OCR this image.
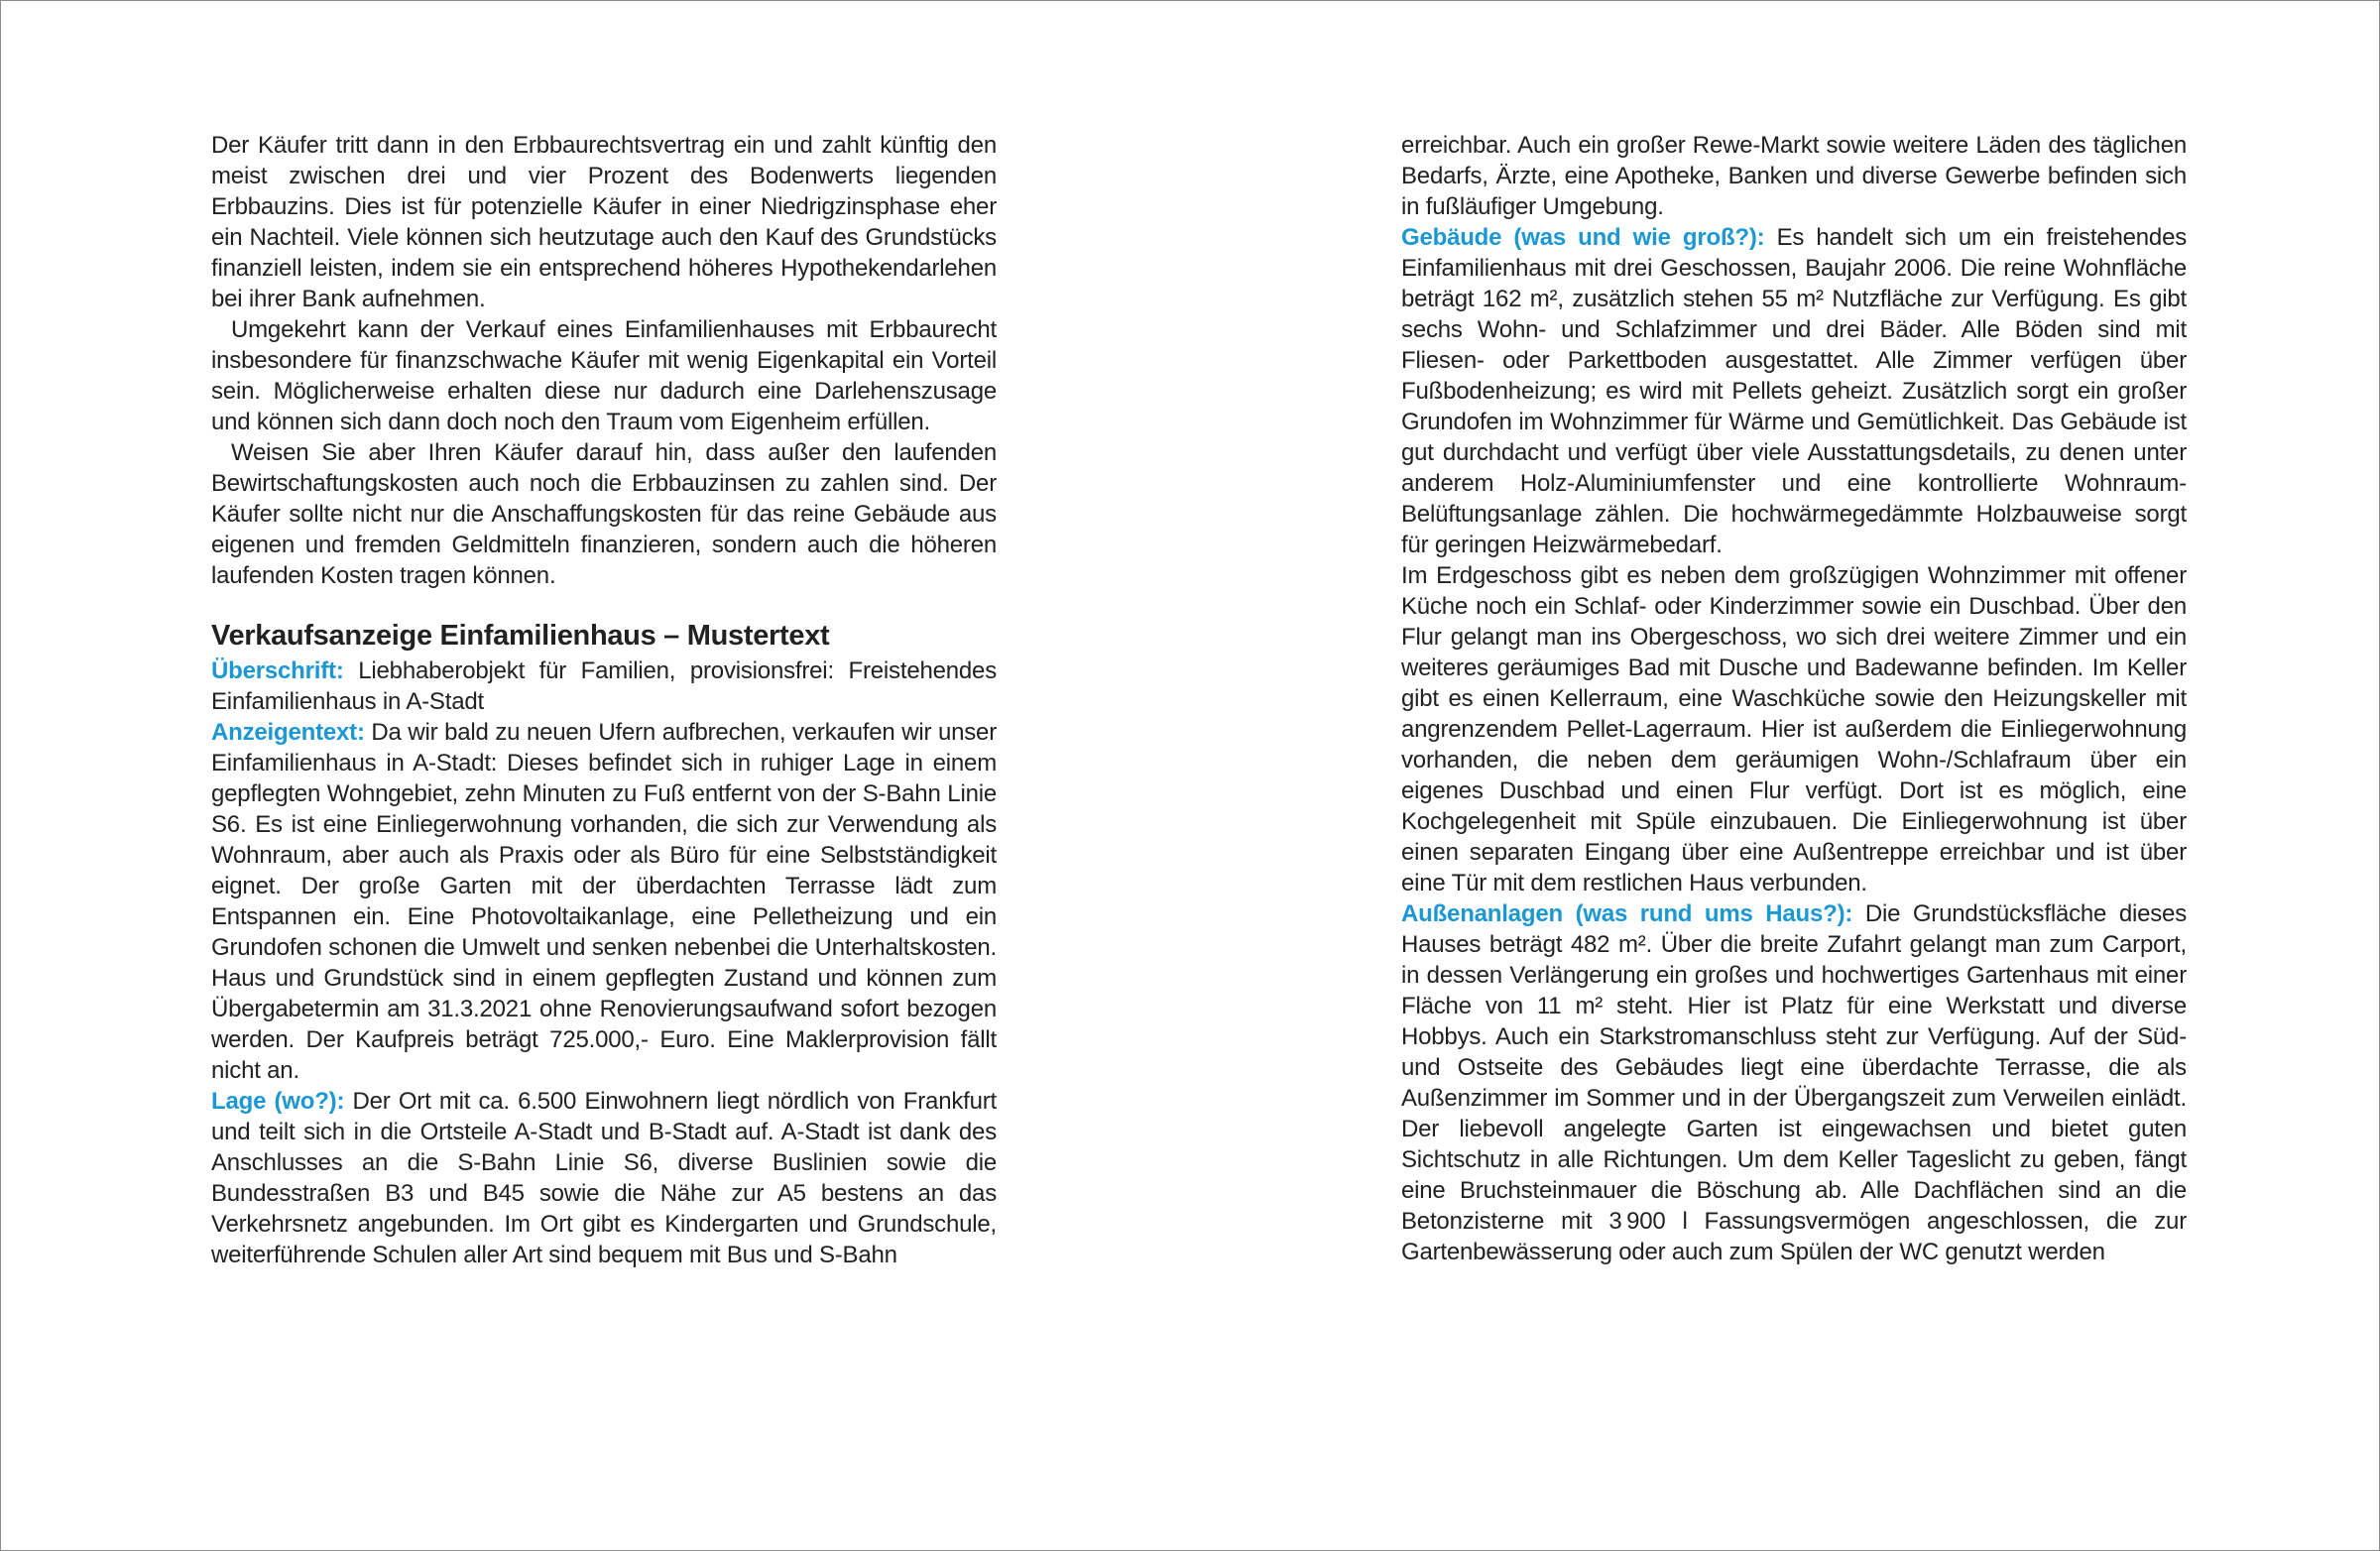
Der Käufer tritt dann in den Erbbaurechtsvertrag ein und zahlt künftig den meist zwischen drei und vier Prozent des Bodenwerts liegenden Erbbauzins. Dies ist für potenzielle Käufer in einer Niedrigzinsphase eher ein Nachteil. Viele können sich heutzutage auch den Kauf des Grundstücks finanziell leisten, indem sie ein entsprechend höheres Hypothekendarlehen bei ihrer Bank aufnehmen.

Umgekehrt kann der Verkauf eines Einfamilienhauses mit Erbbaurecht insbesondere für finanzschwache Käufer mit wenig Eigenkapital ein Vorteil sein. Möglicherweise erhalten diese nur dadurch eine Darlehenszusage und können sich dann doch noch den Traum vom Eigenheim erfüllen.

Weisen Sie aber Ihren Käufer darauf hin, dass außer den laufenden Bewirtschaftungskosten auch noch die Erbbauzinsen zu zahlen sind. Der Käufer sollte nicht nur die Anschaffungskosten für das reine Gebäude aus eigenen und fremden Geldmitteln finanzieren, sondern auch die höheren laufenden Kosten tragen können.

Verkaufsanzeige Einfamilienhaus – Mustertext

Überschrift: Liebhaberobjekt für Familien, provisionsfrei: Freistehendes Einfamilienhaus in A-Stadt

Anzeigentext: Da wir bald zu neuen Ufern aufbrechen, verkaufen wir unser Einfamilienhaus in A-Stadt: Dieses befindet sich in ruhiger Lage in einem gepflegten Wohngebiet, zehn Minuten zu Fuß entfernt von der S-Bahn Linie S6. Es ist eine Einliegerwohnung vorhanden, die sich zur Verwendung als Wohnraum, aber auch als Praxis oder als Büro für eine Selbstständigkeit eignet. Der große Garten mit der überdachten Terrasse lädt zum Entspannen ein. Eine Photovoltaikanlage, eine Pelletheizung und ein Grundofen schonen die Umwelt und senken nebenbei die Unterhaltskosten. Haus und Grundstück sind in einem gepflegten Zustand und können zum Übergabetermin am 31.3.2021 ohne Renovierungsaufwand sofort bezogen werden. Der Kaufpreis beträgt 725.000,- Euro. Eine Maklerprovision fällt nicht an.

Lage (wo?): Der Ort mit ca. 6.500 Einwohnern liegt nördlich von Frankfurt und teilt sich in die Ortsteile A-Stadt und B-Stadt auf. A-Stadt ist dank des Anschlusses an die S-Bahn Linie S6, diverse Buslinien sowie die Bundesstraßen B3 und B45 sowie die Nähe zur A5 bestens an das Verkehrsnetz angebunden. Im Ort gibt es Kindergarten und Grundschule, weiterführende Schulen aller Art sind bequem mit Bus und S-Bahn

erreichbar. Auch ein großer Rewe-Markt sowie weitere Läden des täglichen Bedarfs, Ärzte, eine Apotheke, Banken und diverse Gewerbe befinden sich in fußläufiger Umgebung.

Gebäude (was und wie groß?): Es handelt sich um ein freistehendes Einfamilienhaus mit drei Geschossen, Baujahr 2006. Die reine Wohnfläche beträgt 162 m², zusätzlich stehen 55 m² Nutzfläche zur Verfügung. Es gibt sechs Wohn- und Schlafzimmer und drei Bäder. Alle Böden sind mit Fliesen- oder Parkettboden ausgestattet. Alle Zimmer verfügen über Fußbodenheizung; es wird mit Pellets geheizt. Zusätzlich sorgt ein großer Grundofen im Wohnzimmer für Wärme und Gemütlichkeit. Das Gebäude ist gut durchdacht und verfügt über viele Ausstattungsdetails, zu denen unter anderem Holz-Aluminiumfenster und eine kontrollierte Wohnraum-Belüftungsanlage zählen. Die hochwärmegedämmte Holzbauweise sorgt für geringen Heizwärmebedarf.

Im Erdgeschoss gibt es neben dem großzügigen Wohnzimmer mit offener Küche noch ein Schlaf- oder Kinderzimmer sowie ein Duschbad. Über den Flur gelangt man ins Obergeschoss, wo sich drei weitere Zimmer und ein weiteres geräumiges Bad mit Dusche und Badewanne befinden. Im Keller gibt es einen Kellerraum, eine Waschküche sowie den Heizungskeller mit angrenzendem Pellet-Lagerraum. Hier ist außerdem die Einliegerwohnung vorhanden, die neben dem geräumigen Wohn-/Schlafraum über ein eigenes Duschbad und einen Flur verfügt. Dort ist es möglich, eine Kochgelegenheit mit Spüle einzubauen. Die Einliegerwohnung ist über einen separaten Eingang über eine Außentreppe erreichbar und ist über eine Tür mit dem restlichen Haus verbunden.

Außenanlagen (was rund ums Haus?): Die Grundstücksfläche dieses Hauses beträgt 482 m². Über die breite Zufahrt gelangt man zum Carport, in dessen Verlängerung ein großes und hochwertiges Gartenhaus mit einer Fläche von 11 m² steht. Hier ist Platz für eine Werkstatt und diverse Hobbys. Auch ein Starkstromanschluss steht zur Verfügung. Auf der Süd- und Ostseite des Gebäudes liegt eine überdachte Terrasse, die als Außenzimmer im Sommer und in der Übergangszeit zum Verweilen einlädt. Der liebevoll angelegte Garten ist eingewachsen und bietet guten Sichtschutz in alle Richtungen. Um dem Keller Tageslicht zu geben, fängt eine Bruchsteinmauer die Böschung ab. Alle Dachflächen sind an die Betonzisterne mit 3 900 l Fassungsvermögen angeschlossen, die zur Gartenbewässerung oder auch zum Spülen der WC genutzt werden
